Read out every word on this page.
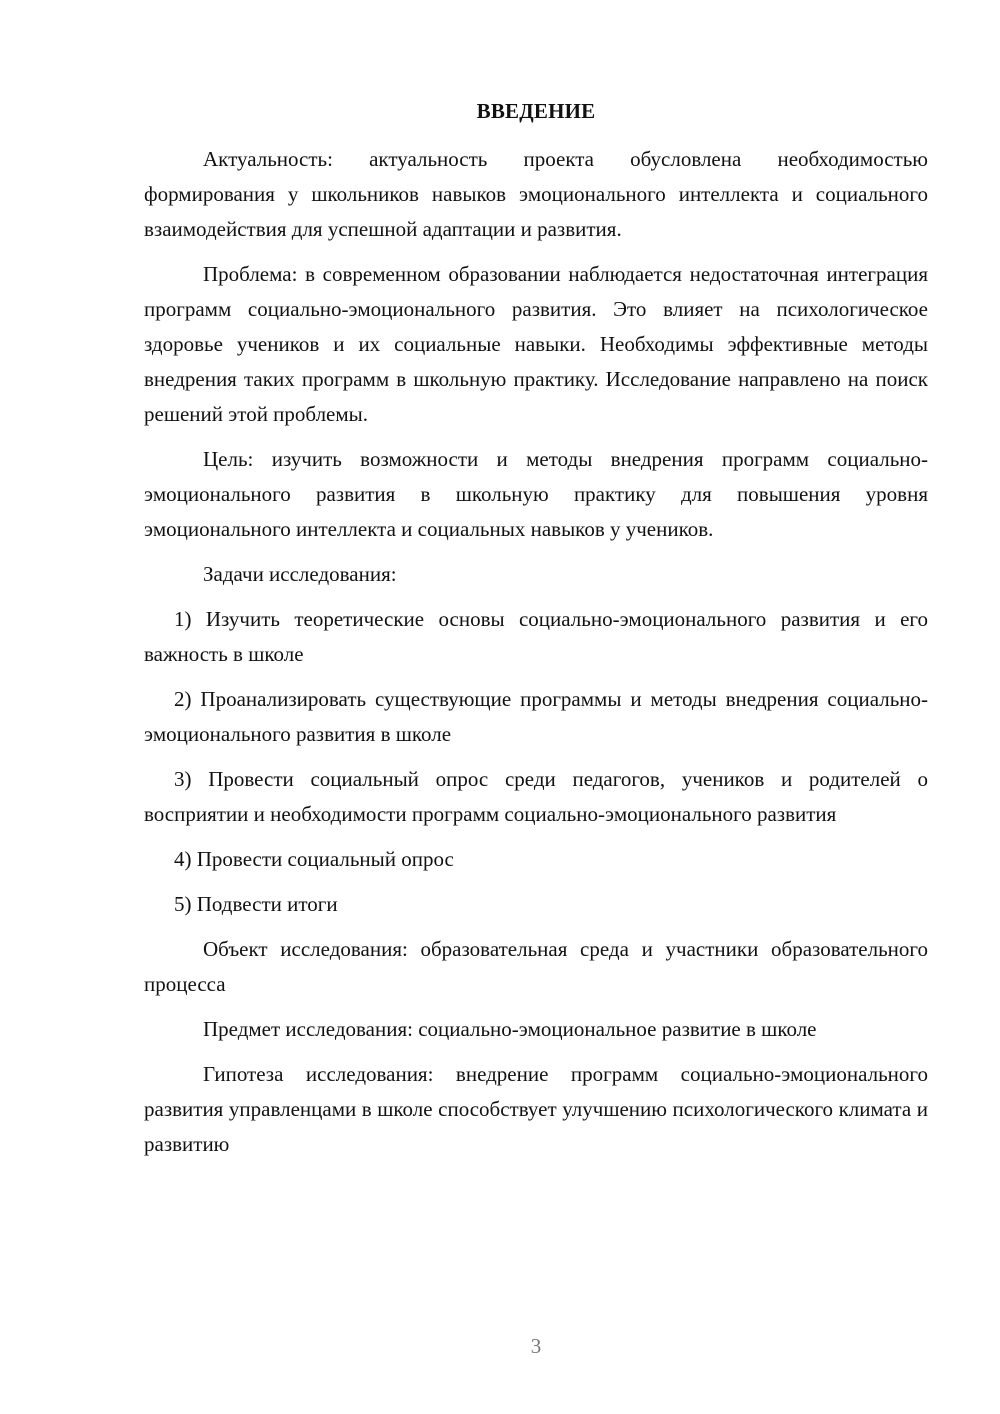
ВВЕДЕНИЕ

Актуальность: актуальность проекта обусловлена необходимостью формирования у школьников навыков эмоционального интеллекта и социального взаимодействия для успешной адаптации и развития.

Проблема: в современном образовании наблюдается недостаточная интеграция программ социально-эмоционального развития. Это влияет на психологическое здоровье учеников и их социальные навыки. Необходимы эффективные методы внедрения таких программ в школьную практику. Исследование направлено на поиск решений этой проблемы.

Цель: изучить возможности и методы внедрения программ социально-эмоционального развития в школьную практику для повышения уровня эмоционального интеллекта и социальных навыков у учеников.

Задачи исследования:

1) Изучить теоретические основы социально-эмоционального развития и его важность в школе

2) Проанализировать существующие программы и методы внедрения социально-эмоционального развития в школе

3) Провести социальный опрос среди педагогов, учеников и родителей о восприятии и необходимости программ социально-эмоционального развития

4) Провести социальный опрос

5) Подвести итоги

Объект исследования: образовательная среда и участники образовательного процесса

Предмет исследования: социально-эмоциональное развитие в школе

Гипотеза исследования: внедрение программ социально-эмоционального развития управленцами в школе способствует улучшению психологического климата и развитию

3
